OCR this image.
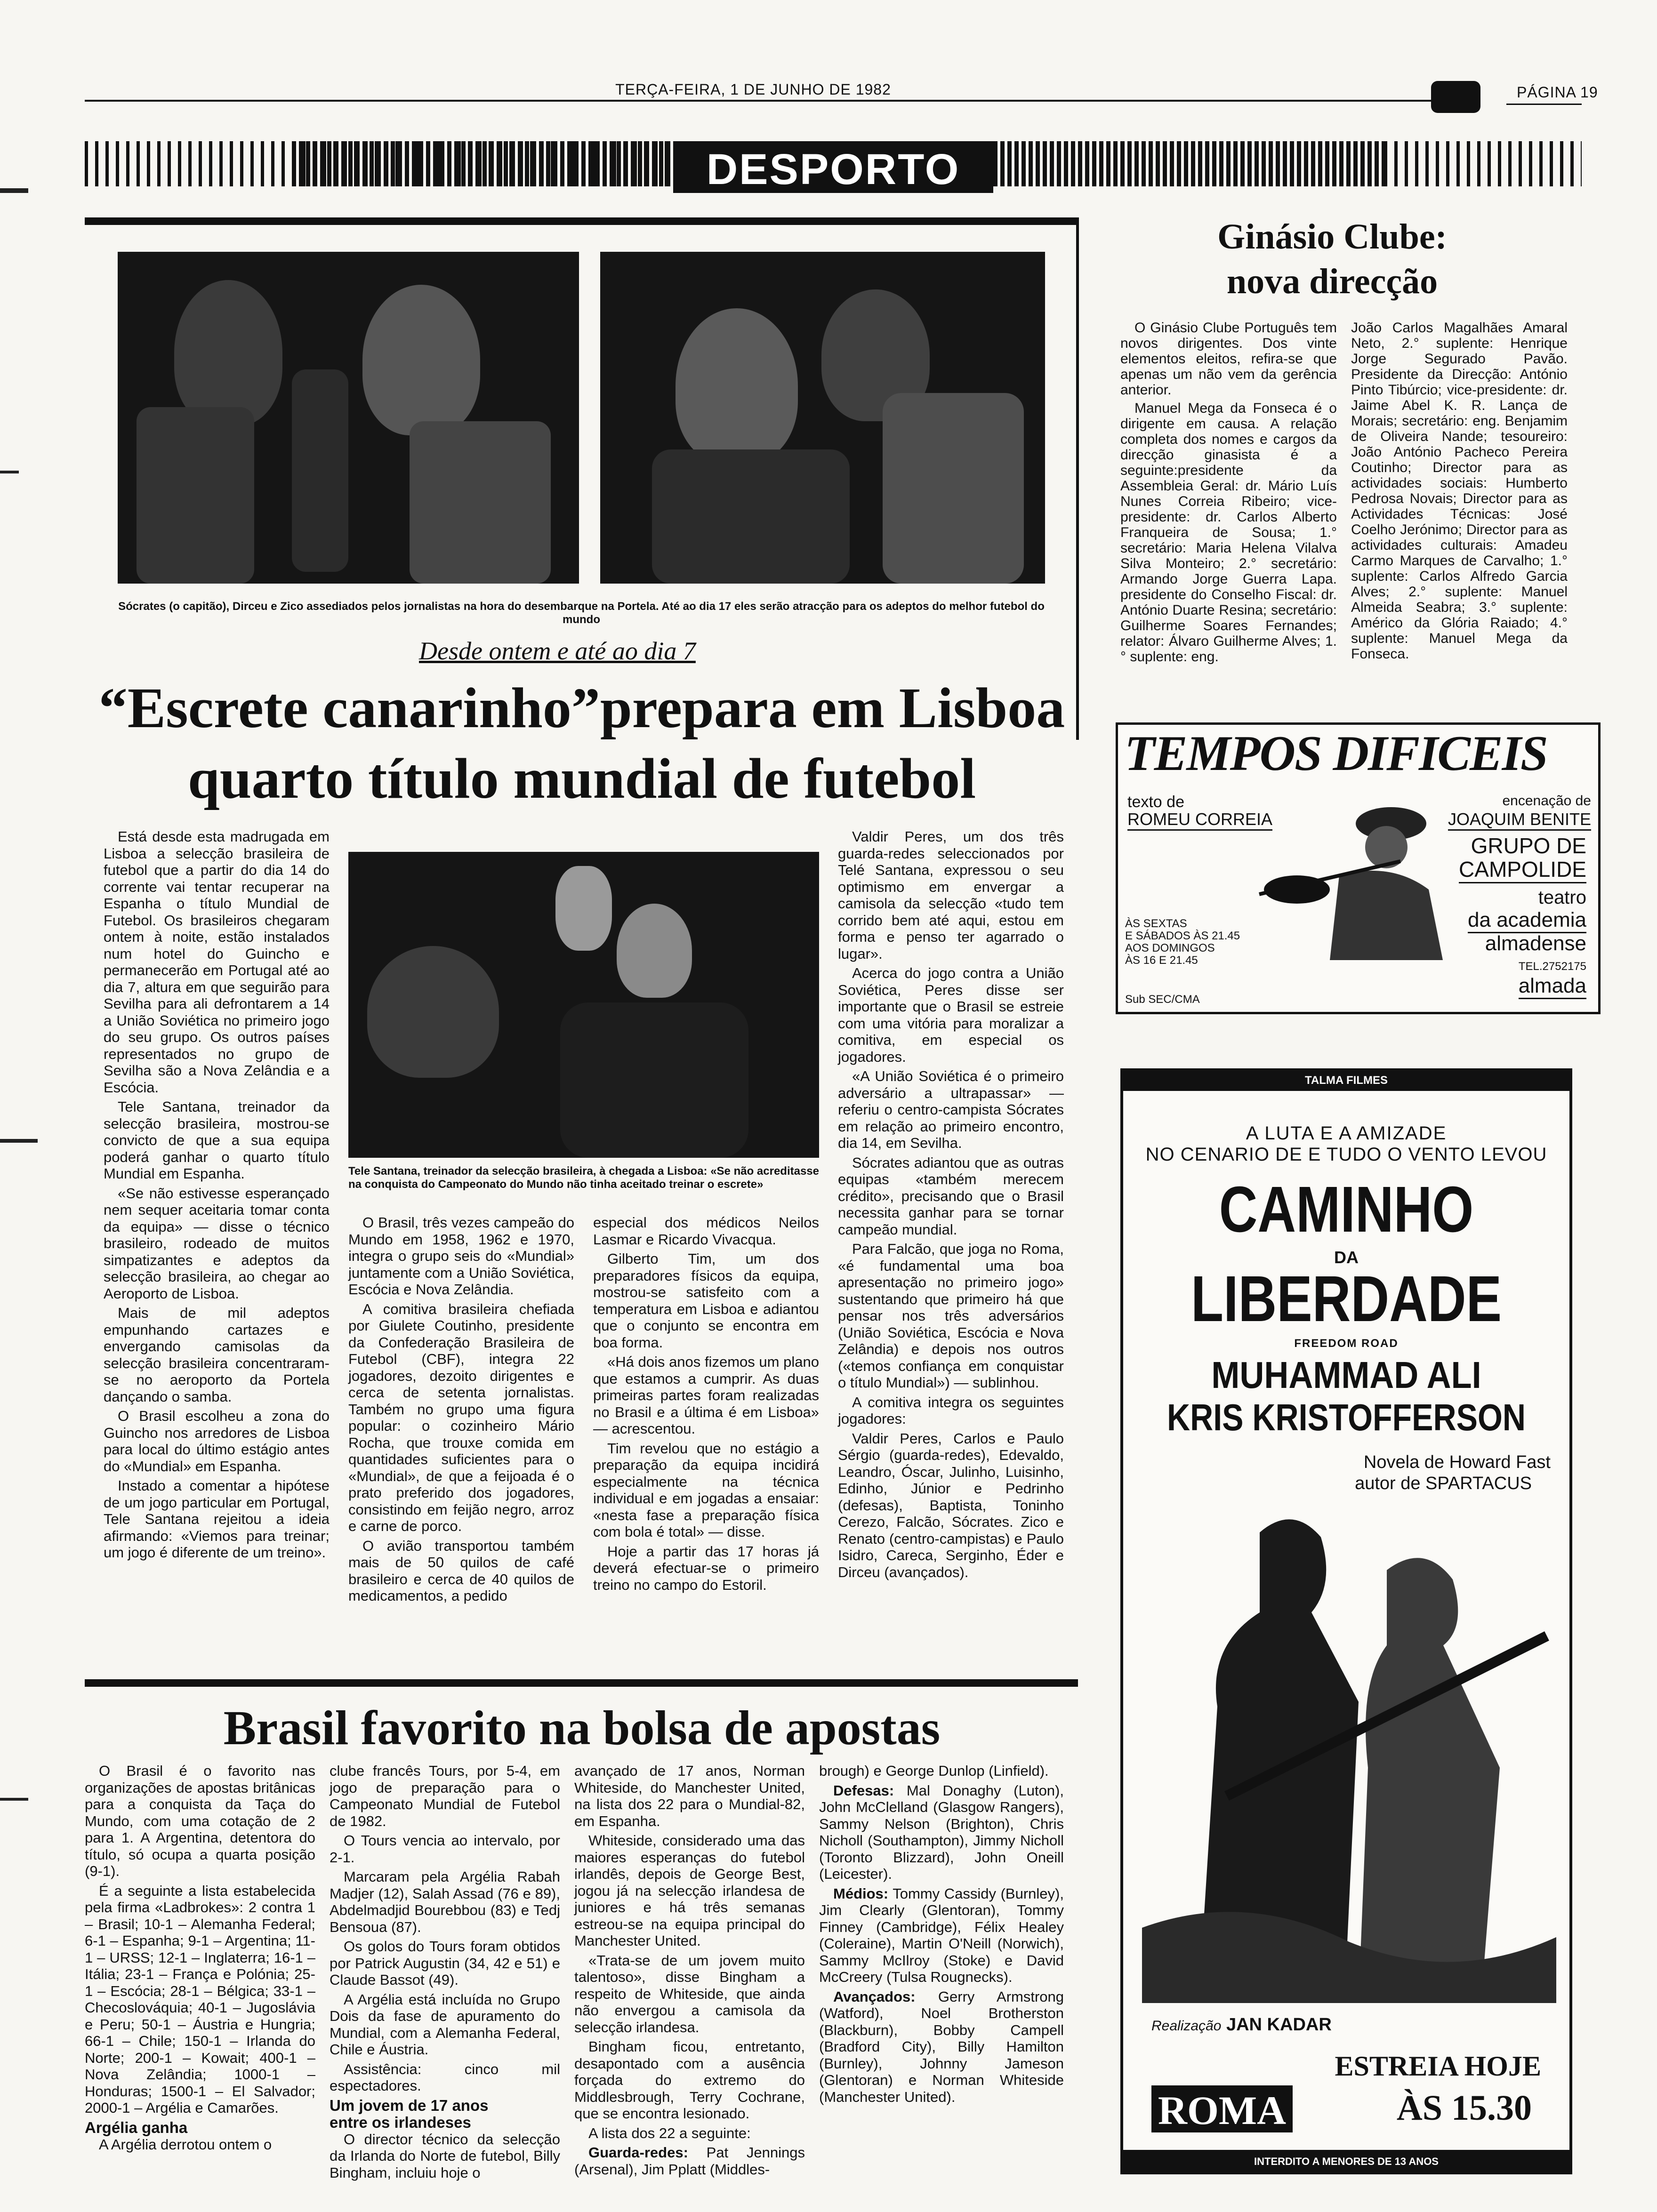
TERÇA-FEIRA, 1 DE JUNHO DE 1982	PÁGINA 19
DESPORTO
Sócrates (o capitão), Dirceu e Zico assediados pelos jornalistas na hora do desembarque na Portela. Até ao dia 17 eles serão atracção para os adeptos do melhor futebol do mundo
Desde ontem e até ao dia 7
“Escrete canarinho”prepara em Lisboa
quarto título mundial de futebol

Está desde esta madrugada em Lisboa a selecção brasileira de futebol que a partir do dia 14 do corrente vai tentar recuperar na Espanha o título Mundial de Futebol. Os brasileiros chegaram ontem à noite, estão instalados num hotel do Guincho e permanecerão em Portugal até ao dia 7, altura em que seguirão para Sevilha para ali defrontarem a 14 a União Soviética no primeiro jogo do seu grupo. Os outros países representados no grupo de Sevilha são a Nova Zelândia e a Escócia.

Tele Santana, treinador da selecção brasileira, mostrou-se convicto de que a sua equipa poderá ganhar o quarto título Mundial em Espanha.

«Se não estivesse esperançado nem sequer aceitaria tomar conta da equipa» — disse o técnico brasileiro, rodeado de muitos simpatizantes e adeptos da selecção brasileira, ao chegar ao Aeroporto de Lisboa.

Mais de mil adeptos empunhando cartazes e envergando camisolas da selecção brasileira concentraram-se no aeroporto da Portela dançando o samba.

O Brasil escolheu a zona do Guincho nos arredores de Lisboa para local do último estágio antes do «Mundial» em Espanha.

Instado a comentar a hipótese de um jogo particular em Portugal, Tele Santana rejeitou a ideia afirmando: «Viemos para treinar; um jogo é diferente de um treino».

Tele Santana, treinador da selecção brasileira, à chegada a Lisboa: «Se não acreditasse na conquista do Campeonato do Mundo não tinha aceitado treinar o escrete»

O Brasil, três vezes campeão do Mundo em 1958, 1962 e 1970, integra o grupo seis do «Mundial» juntamente com a União Soviética, Escócia e Nova Zelândia.

A comitiva brasileira chefiada por Giulete Coutinho, presidente da Confederação Brasileira de Futebol (CBF), integra 22 jogadores, dezoito dirigentes e cerca de setenta jornalistas. Também no grupo uma figura popular: o cozinheiro Mário Rocha, que trouxe comida em quantidades suficientes para o «Mundial», de que a feijoada é o prato preferido dos jogadores, consistindo em feijão negro, arroz e carne de porco.

O avião transportou também mais de 50 quilos de café brasileiro e cerca de 40 quilos de medicamentos, a pedido

especial dos médicos Neilos Lasmar e Ricardo Vivacqua.

Gilberto Tim, um dos preparadores físicos da equipa, mostrou-se satisfeito com a temperatura em Lisboa e adiantou que o conjunto se encontra em boa forma.

«Há dois anos fizemos um plano que estamos a cumprir. As duas primeiras partes foram realizadas no Brasil e a última é em Lisboa» — acrescentou.

Tim revelou que no estágio a preparação da equipa incidirá especialmente na técnica individual e em jogadas a ensaiar: «nesta fase a preparação física com bola é total» — disse.

Hoje a partir das 17 horas já deverá efectuar-se o primeiro treino no campo do Estoril.

Valdir Peres, um dos três guarda-redes seleccionados por Telé Santana, expressou o seu optimismo em envergar a camisola da selecção «tudo tem corrido bem até aqui, estou em forma e penso ter agarrado o lugar».

Acerca do jogo contra a União Soviética, Peres disse ser importante que o Brasil se estreie com uma vitória para moralizar a comitiva, em especial os jogadores.

«A União Soviética é o primeiro adversário a ultrapassar» — referiu o centro-campista Sócrates em relação ao primeiro encontro, dia 14, em Sevilha.

Sócrates adiantou que as outras equipas «também merecem crédito», precisando que o Brasil necessita ganhar para se tornar campeão mundial.

Para Falcão, que joga no Roma, «é fundamental uma boa apresentação no primeiro jogo» sustentando que primeiro há que pensar nos três adversários (União Soviética, Escócia e Nova Zelândia) e depois nos outros («temos confiança em conquistar o título Mundial») — sublinhou.

A comitiva integra os seguintes jogadores:

Valdir Peres, Carlos e Paulo Sérgio (guarda-redes), Edevaldo, Leandro, Óscar, Julinho, Luisinho, Edinho, Júnior e Pedrinho (defesas), Baptista, Toninho Cerezo, Falcão, Sócrates. Zico e Renato (centro-campistas) e Paulo Isidro, Careca, Serginho, Éder e Dirceu (avançados).

Brasil favorito na bolsa de apostas

O Brasil é o favorito nas organizações de apostas britânicas para a conquista da Taça do Mundo, com uma cotação de 2 para 1. A Argentina, detentora do título, só ocupa a quarta posição (9-1).

É a seguinte a lista estabelecida pela firma «Ladbrokes»: 2 contra 1 – Brasil; 10-1 – Alemanha Federal; 6-1 – Espanha; 9-1 – Argentina; 11-1 – URSS; 12-1 – Inglaterra; 16-1 – Itália; 23-1 – França e Polónia; 25-1 – Escócia; 28-1 – Bélgica; 33-1 – Checoslováquia; 40-1 – Jugoslávia e Peru; 50-1 – Áustria e Hungria; 66-1 – Chile; 150-1 – Irlanda do Norte; 200-1 – Kowait; 400-1 – Nova Zelândia; 1000-1 – Honduras; 1500-1 – El Salvador; 2000-1 – Argélia e Camarões.

Argélia ganha

A Argélia derrotou ontem o

clube francês Tours, por 5-4, em jogo de preparação para o Campeonato Mundial de Futebol de 1982.

O Tours vencia ao intervalo, por 2-1.

Marcaram pela Argélia Rabah Madjer (12), Salah Assad (76 e 89), Abdelmadjid Bourebbou (83) e Tedj Bensoua (87).

Os golos do Tours foram obtidos por Patrick Augustin (34, 42 e 51) e Claude Bassot (49).

A Argélia está incluída no Grupo Dois da fase de apuramento do Mundial, com a Alemanha Federal, Chile e Áustria.

Assistência: cinco mil espectadores.

Um jovem de 17 anos
entre os irlandeses

O director técnico da selecção da Irlanda do Norte de futebol, Billy Bingham, incluiu hoje o

avançado de 17 anos, Norman Whiteside, do Manchester United, na lista dos 22 para o Mundial-82, em Espanha.

Whiteside, considerado uma das maiores esperanças do futebol irlandês, depois de George Best, jogou já na selecção irlandesa de juniores e há três semanas estreou-se na equipa principal do Manchester United.

«Trata-se de um jovem muito talentoso», disse Bingham a respeito de Whiteside, que ainda não envergou a camisola da selecção irlandesa.

Bingham ficou, entretanto, desapontado com a ausência forçada do extremo do Middlesbrough, Terry Cochrane, que se encontra lesionado.

A lista dos 22 a seguinte:

Guarda-redes: Pat Jennings (Arsenal), Jim Pplatt (Middles-

brough) e George Dunlop (Linfield).

Defesas: Mal Donaghy (Luton), John McClelland (Glasgow Rangers), Sammy Nelson (Brighton), Chris Nicholl (Southampton), Jimmy Nicholl (Toronto Blizzard), John Oneill (Leicester).

Médios: Tommy Cassidy (Burnley), Jim Clearly (Glentoran), Tommy Finney (Cambridge), Félix Healey (Coleraine), Martin O'Neill (Norwich), Sammy McIlroy (Stoke) e David McCreery (Tulsa Rougnecks).

Avançados: Gerry Armstrong (Watford), Noel Brotherston (Blackburn), Bobby Campell (Bradford City), Billy Hamilton (Burnley), Johnny Jameson (Glentoran) e Norman Whiteside (Manchester United).

Ginásio Clube:
nova direcção

O Ginásio Clube Português tem novos dirigentes. Dos vinte elementos eleitos, refira-se que apenas um não vem da gerência anterior.

Manuel Mega da Fonseca é o dirigente em causa. A relação completa dos nomes e cargos da direcção ginasista é a seguinte:presidente da Assembleia Geral: dr. Mário Luís Nunes Correia Ribeiro; vice-presidente: dr. Carlos Alberto Franqueira de Sousa; 1.° secretário: Maria Helena Vilalva Silva Monteiro; 2.° secretário: Armando Jorge Guerra Lapa. presidente do Conselho Fiscal: dr. António Duarte Resina; secretário: Guilherme Soares Fernandes; relator: Álvaro Guilherme Alves; 1.° suplente: eng.

João Carlos Magalhães Amaral Neto, 2.° suplente: Henrique Jorge Segurado Pavão. Presidente da Direcção: António Pinto Tibúrcio; vice-presidente: dr. Jaime Abel K. R. Lança de Morais; secretário: eng. Benjamim de Oliveira Nande; tesoureiro: João António Pacheco Pereira Coutinho; Director para as actividades sociais: Humberto Pedrosa Novais; Director para as Actividades Técnicas: José Coelho Jerónimo; Director para as actividades culturais: Amadeu Carmo Marques de Carvalho; 1.° suplente: Carlos Alfredo Garcia Alves; 2.° suplente: Manuel Almeida Seabra; 3.° suplente: Américo da Glória Raiado; 4.° suplente: Manuel Mega da Fonseca.

TEMPOS DIFICEIS
texto de
ROMEU CORREIA
encenação de
JOAQUIM BENITE
GRUPO DE
CAMPOLIDE
teatro
da academia
almadense
TEL.2752175
almada
ÀS SEXTAS
E SÁBADOS ÀS 21.45
AOS DOMINGOS
ÀS 16 E 21.45
Sub SEC/CMA
TALMA FILMES
A LUTA E A AMIZADE
NO CENARIO DE E TUDO O VENTO LEVOU
CAMINHO
DA
LIBERDADE
FREEDOM ROAD
MUHAMMAD ALI
KRIS KRISTOFFERSON
Novela de Howard Fast
autor de SPARTACUS
Realização JAN KADAR
ESTREIA HOJE
ROMA	ÀS 15.30
INTERDITO A MENORES DE 13 ANOS
